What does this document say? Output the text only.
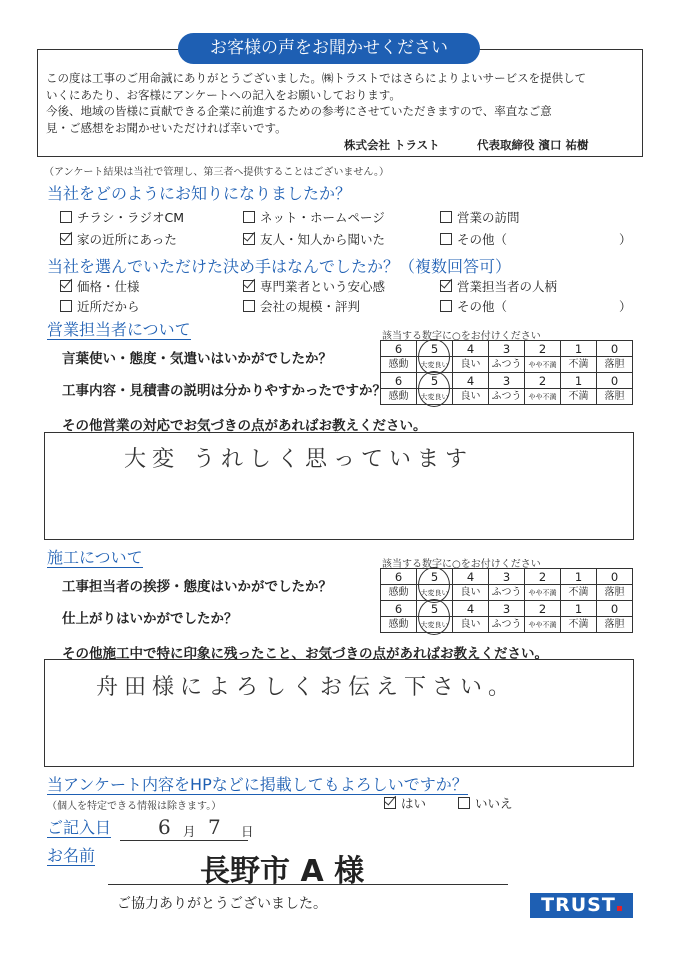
お客様の声をお聞かせください
この度は工事のご用命誠にありがとうございました。㈱トラストではさらによりよいサービスを提供して
いくにあたり、お客様にアンケートへの記入をお願いしております。
今後、地域の皆様に貢献できる企業に前進するための参考にさせていただきますので、率直なご意
見・ご感想をお聞かせいただければ幸いです。
株式会社 トラスト	代表取締役 濱口 祐樹
（アンケート結果は当社で管理し、第三者へ提供することはございません。）
当社をどのようにお知りになりましたか？
チラシ・ラジオCM	ネット・ホームページ	営業の訪問
家の近所にあった	友人・知人から聞いた	その他（	）
当社を選んでいただけた決め手はなんでしたか？（複数回答可）
価格・仕様	専門業者という安心感	営業担当者の人柄
近所だから	会社の規模・評判	その他（	）
営業担当者について	該当する数字に○をお付けください
言葉使い・態度・気遣いはいかがでしたか？
工事内容・見積書の説明は分かりやすかったですか？
6	5	4	3	2	1	0
感動	大変良い	良い	ふつう	やや不満	不満	落胆
6	5	4	3	2	1	0
感動	大変良い	良い	ふつう	やや不満	不満	落胆
その他営業の対応でお気づきの点があればお教えください。
大変 うれしく思っています
施工について	該当する数字に○をお付けください
工事担当者の挨拶・態度はいかがでしたか？
仕上がりはいかがでしたか？
6	5	4	3	2	1	0
感動	大変良い	良い	ふつう	やや不満	不満	落胆
6	5	4	3	2	1	0
感動	大変良い	良い	ふつう	やや不満	不満	落胆
その他施工中で特に印象に残ったこと、お気づきの点があればお教えください。
舟田様によろしくお伝え下さい。
当アンケート内容をHPなどに掲載してもよろしいですか？
（個人を特定できる情報は除きます。）	はい	いいえ
ご記入日 6 月 7 日
お名前	長野市 A 様
ご協力ありがとうございました。	TRUST
